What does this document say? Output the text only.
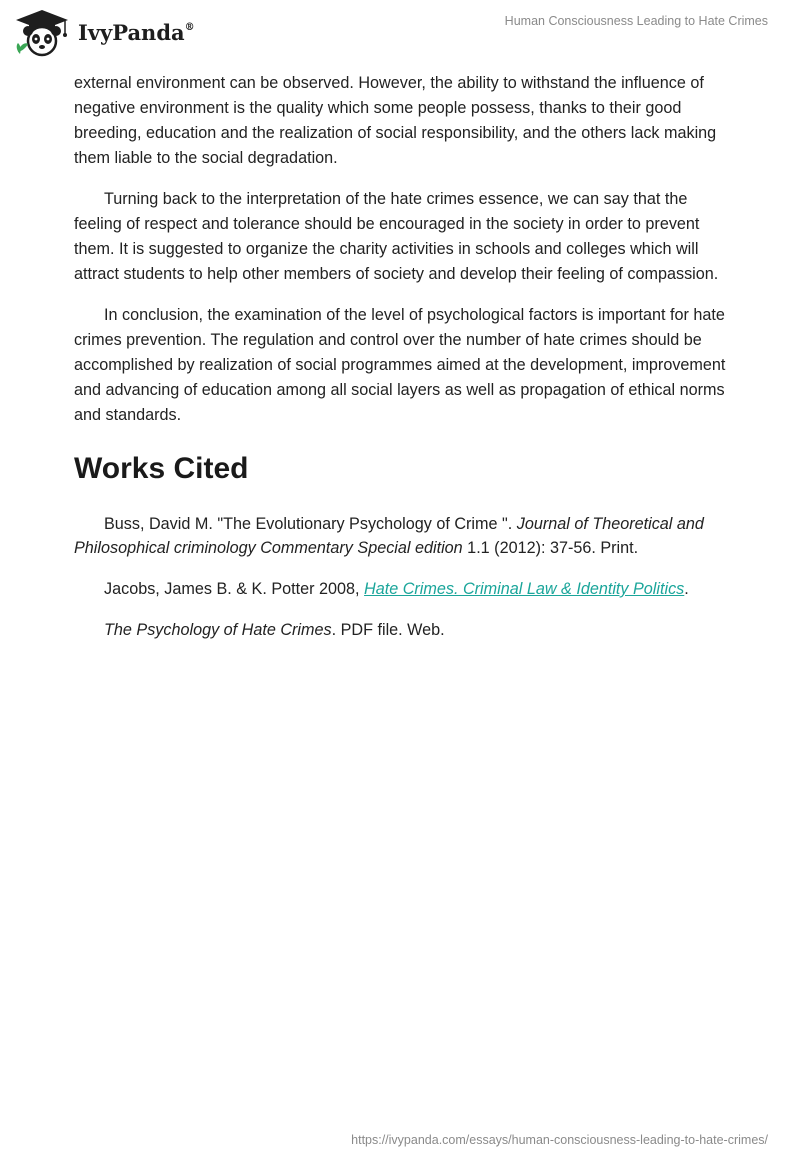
IvyPanda®	Human Consciousness Leading to Hate Crimes

external environment can be observed. However, the ability to withstand the influence of negative environment is the quality which some people possess, thanks to their good breeding, education and the realization of social responsibility, and the others lack making them liable to the social degradation.

Turning back to the interpretation of the hate crimes essence, we can say that the feeling of respect and tolerance should be encouraged in the society in order to prevent them. It is suggested to organize the charity activities in schools and colleges which will attract students to help other members of society and develop their feeling of compassion.

In conclusion, the examination of the level of psychological factors is important for hate crimes prevention. The regulation and control over the number of hate crimes should be accomplished by realization of social programmes aimed at the development, improvement and advancing of education among all social layers as well as propagation of ethical norms and standards.

Works Cited

Buss, David M. "The Evolutionary Psychology of Crime ". Journal of Theoretical and Philosophical criminology Commentary Special edition 1.1 (2012): 37-56. Print.

Jacobs, James B. & K. Potter 2008, Hate Crimes. Criminal Law & Identity Politics.

The Psychology of Hate Crimes. PDF file. Web.

https://ivypanda.com/essays/human-consciousness-leading-to-hate-crimes/
